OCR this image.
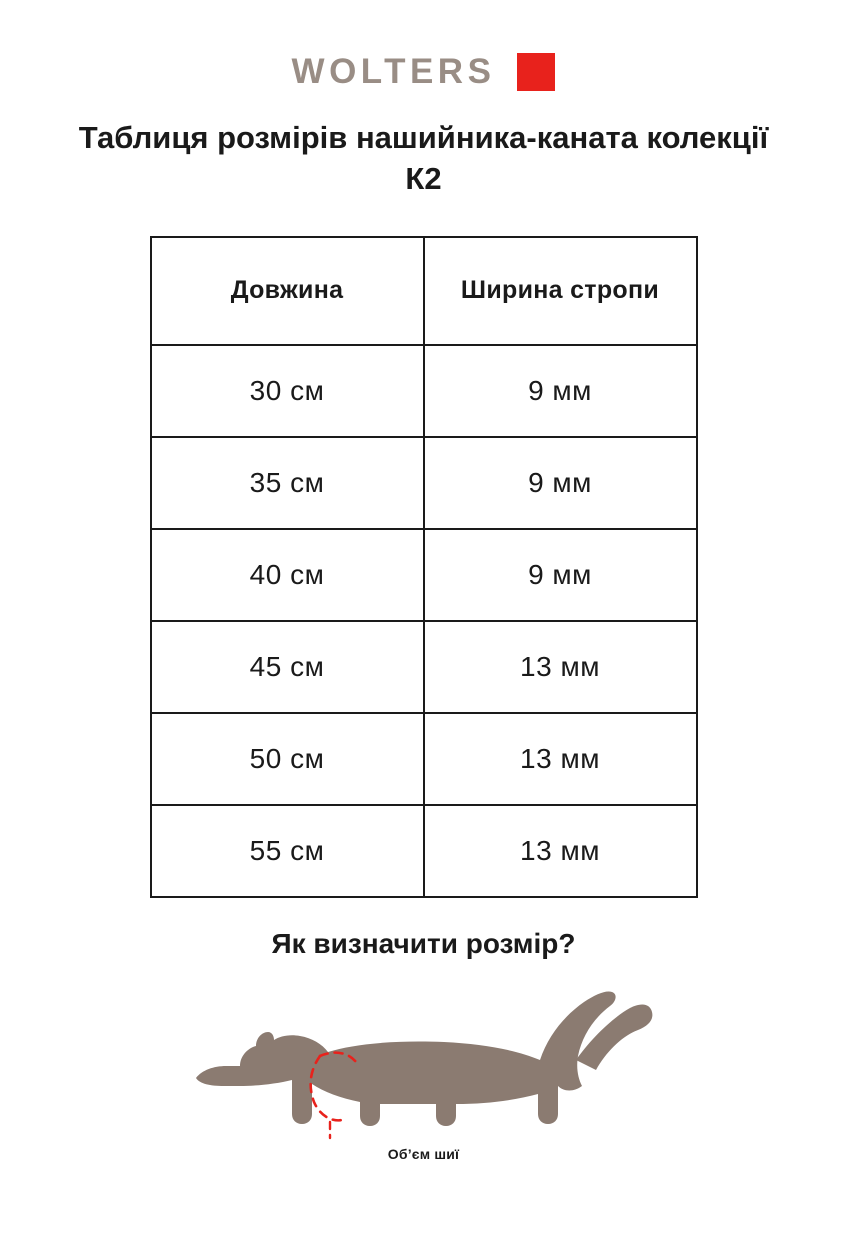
WOLTERS
Таблиця розмірів нашийника-каната колекції К2
Довжина	Ширина стропи
30 см	9 мм
35 см	9 мм
40 см	9 мм
45 см	13 мм
50 см	13 мм
55 см	13 мм
Як визначити розмір?
Об’єм шиї
